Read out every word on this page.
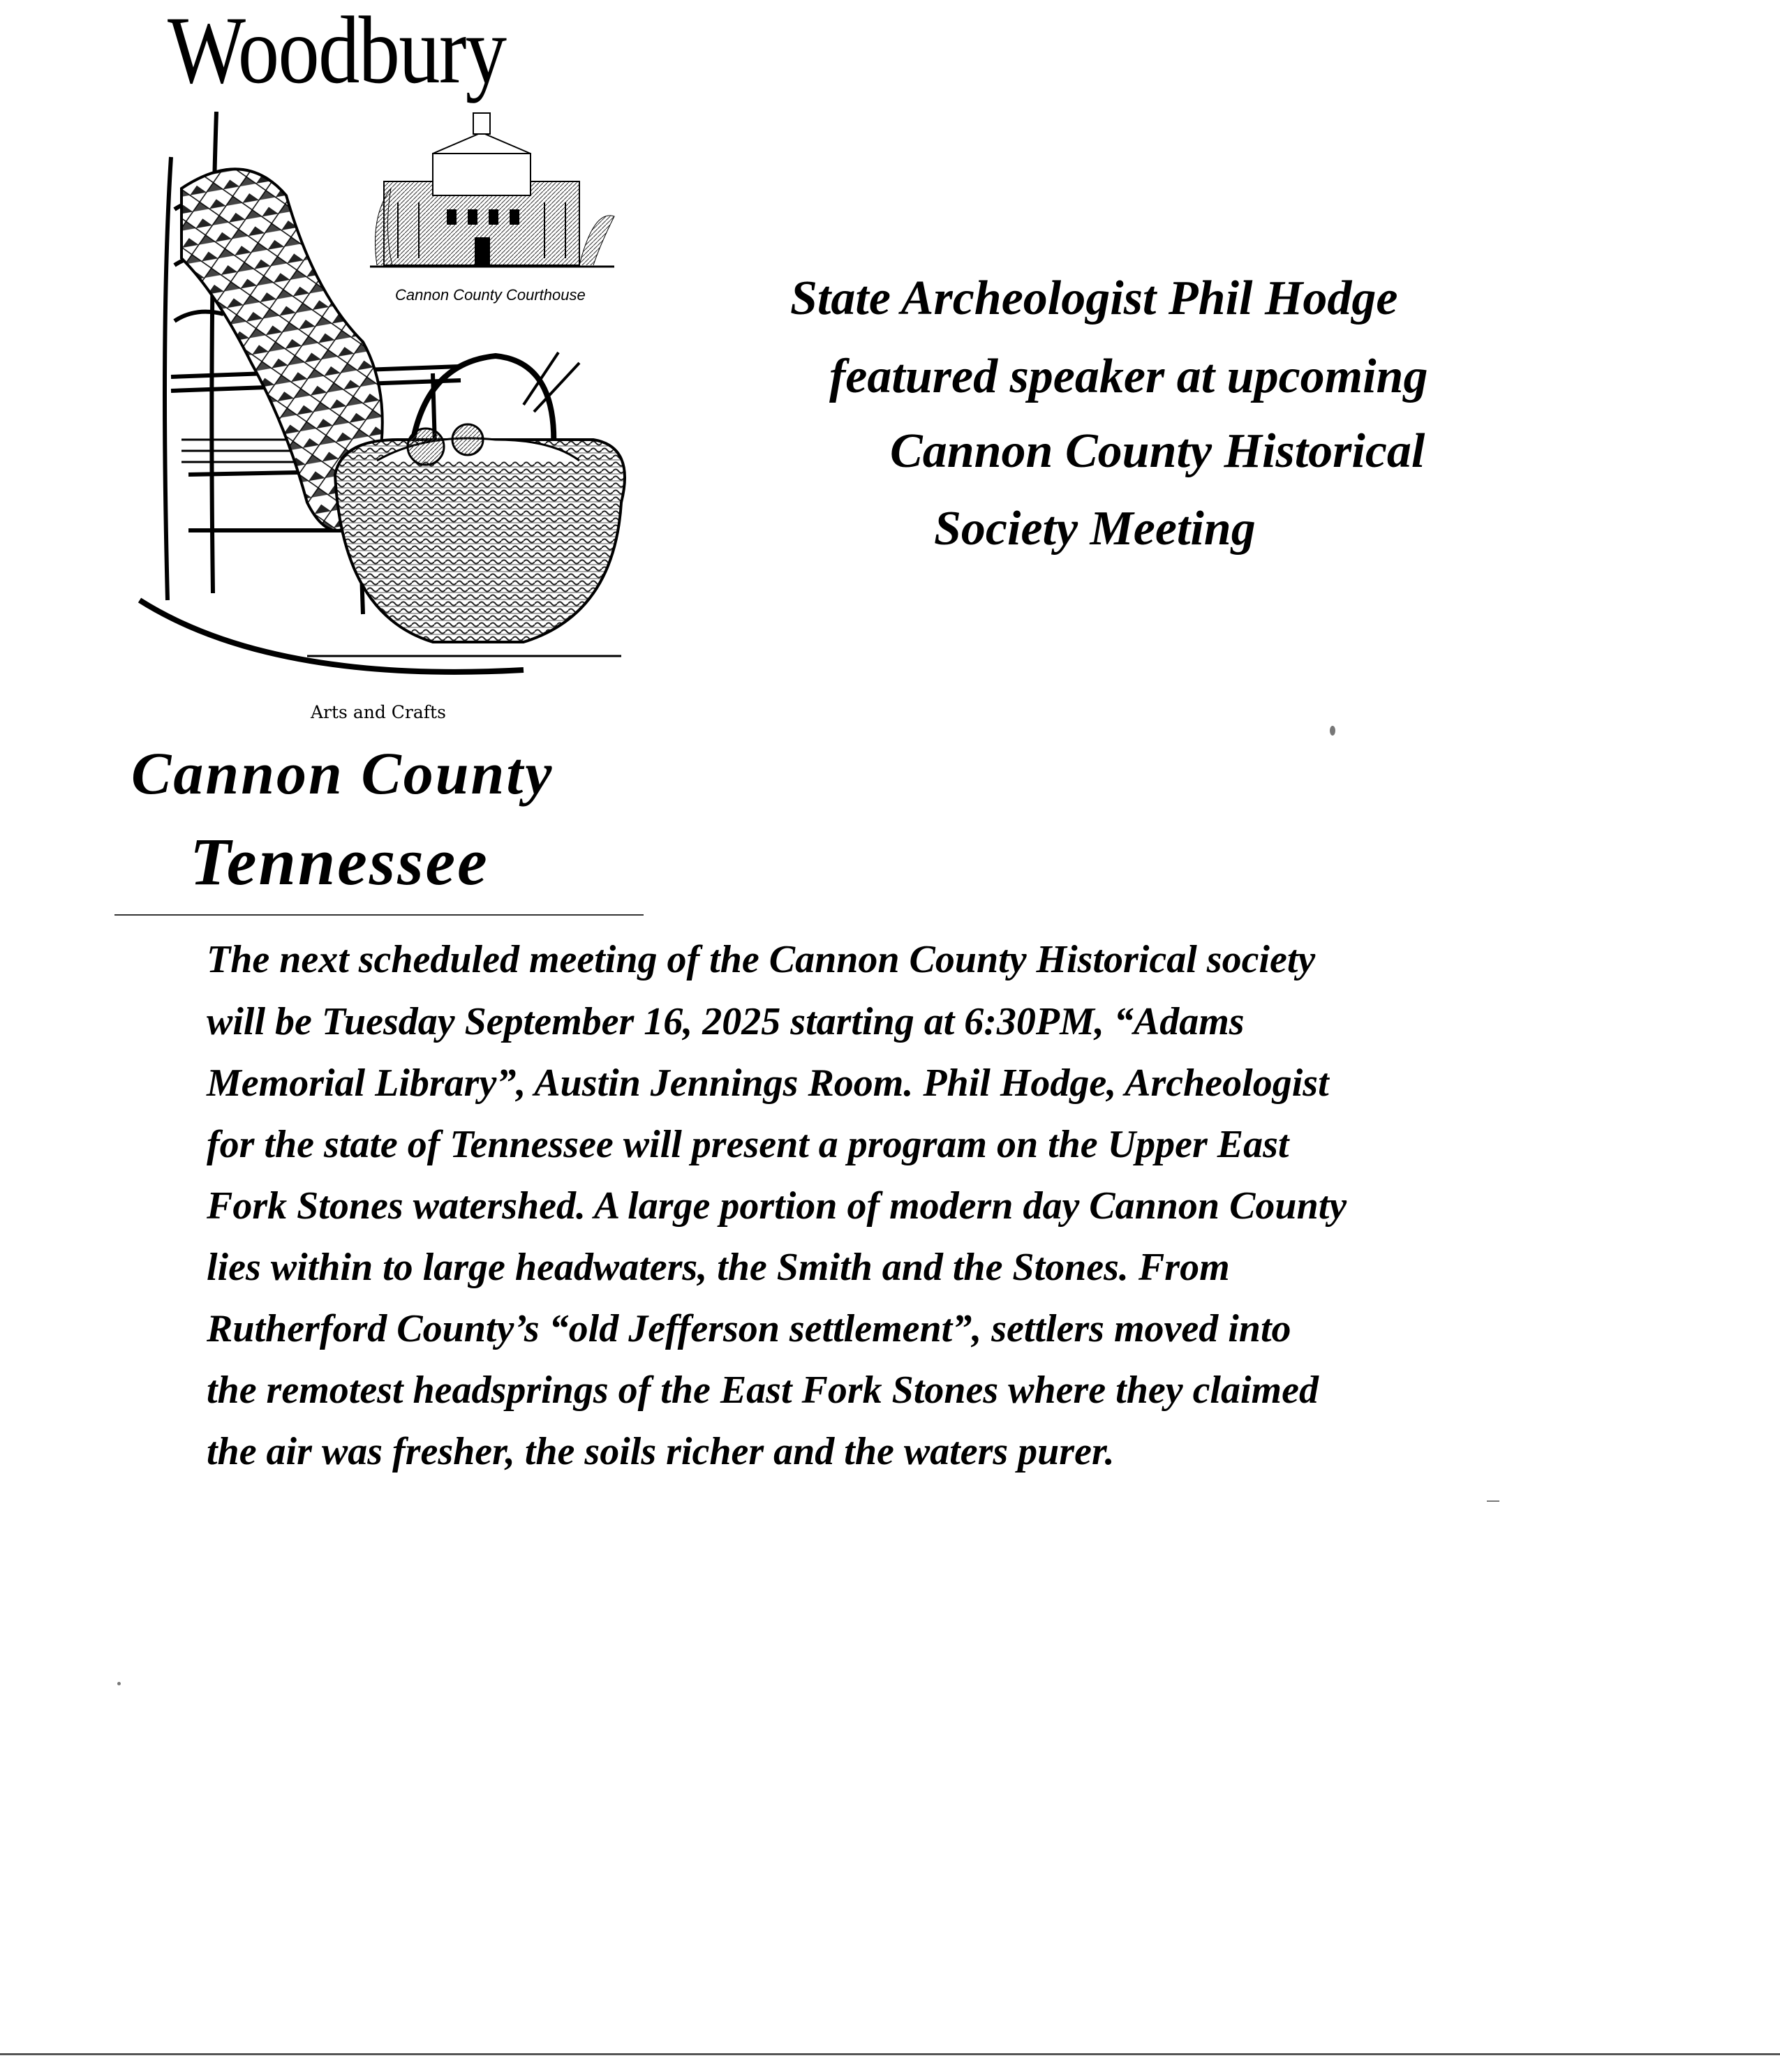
Woodbury
Cannon County Courthouse
Arts and Crafts
Cannon County
Tennessee
State Archeologist Phil Hodge
featured speaker at upcoming
Cannon County Historical
Society Meeting
The next scheduled meeting of the Cannon County Historical society
will be Tuesday September 16, 2025 starting at 6:30PM, “Adams
Memorial Library”, Austin Jennings Room. Phil Hodge, Archeologist
for the state of Tennessee will present a program on the Upper East
Fork Stones watershed. A large portion of modern day Cannon County
lies within to large headwaters, the Smith and the Stones. From
Rutherford County’s “old Jefferson settlement”, settlers moved into
the remotest headsprings of the East Fork Stones where they claimed
the air was fresher, the soils richer and the waters purer.
